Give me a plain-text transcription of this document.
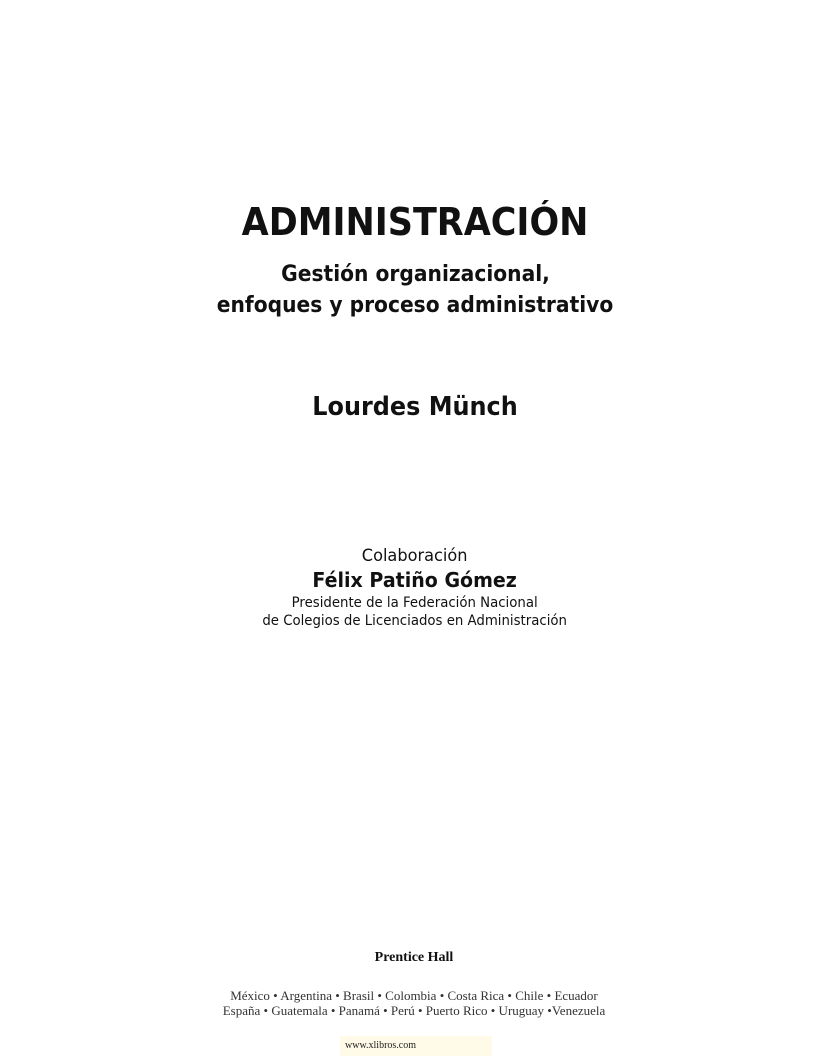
ADMINISTRACIÓN
Gestión organizacional,
enfoques y proceso administrativo
Lourdes Münch
Colaboración
Félix Patiño Gómez
Presidente de la Federación Nacional
de Colegios de Licenciados en Administración
Prentice Hall
México • Argentina • Brasil • Colombia • Costa Rica • Chile • Ecuador
España • Guatemala • Panamá • Perú • Puerto Rico • Uruguay •Venezuela
www.xlibros.com
